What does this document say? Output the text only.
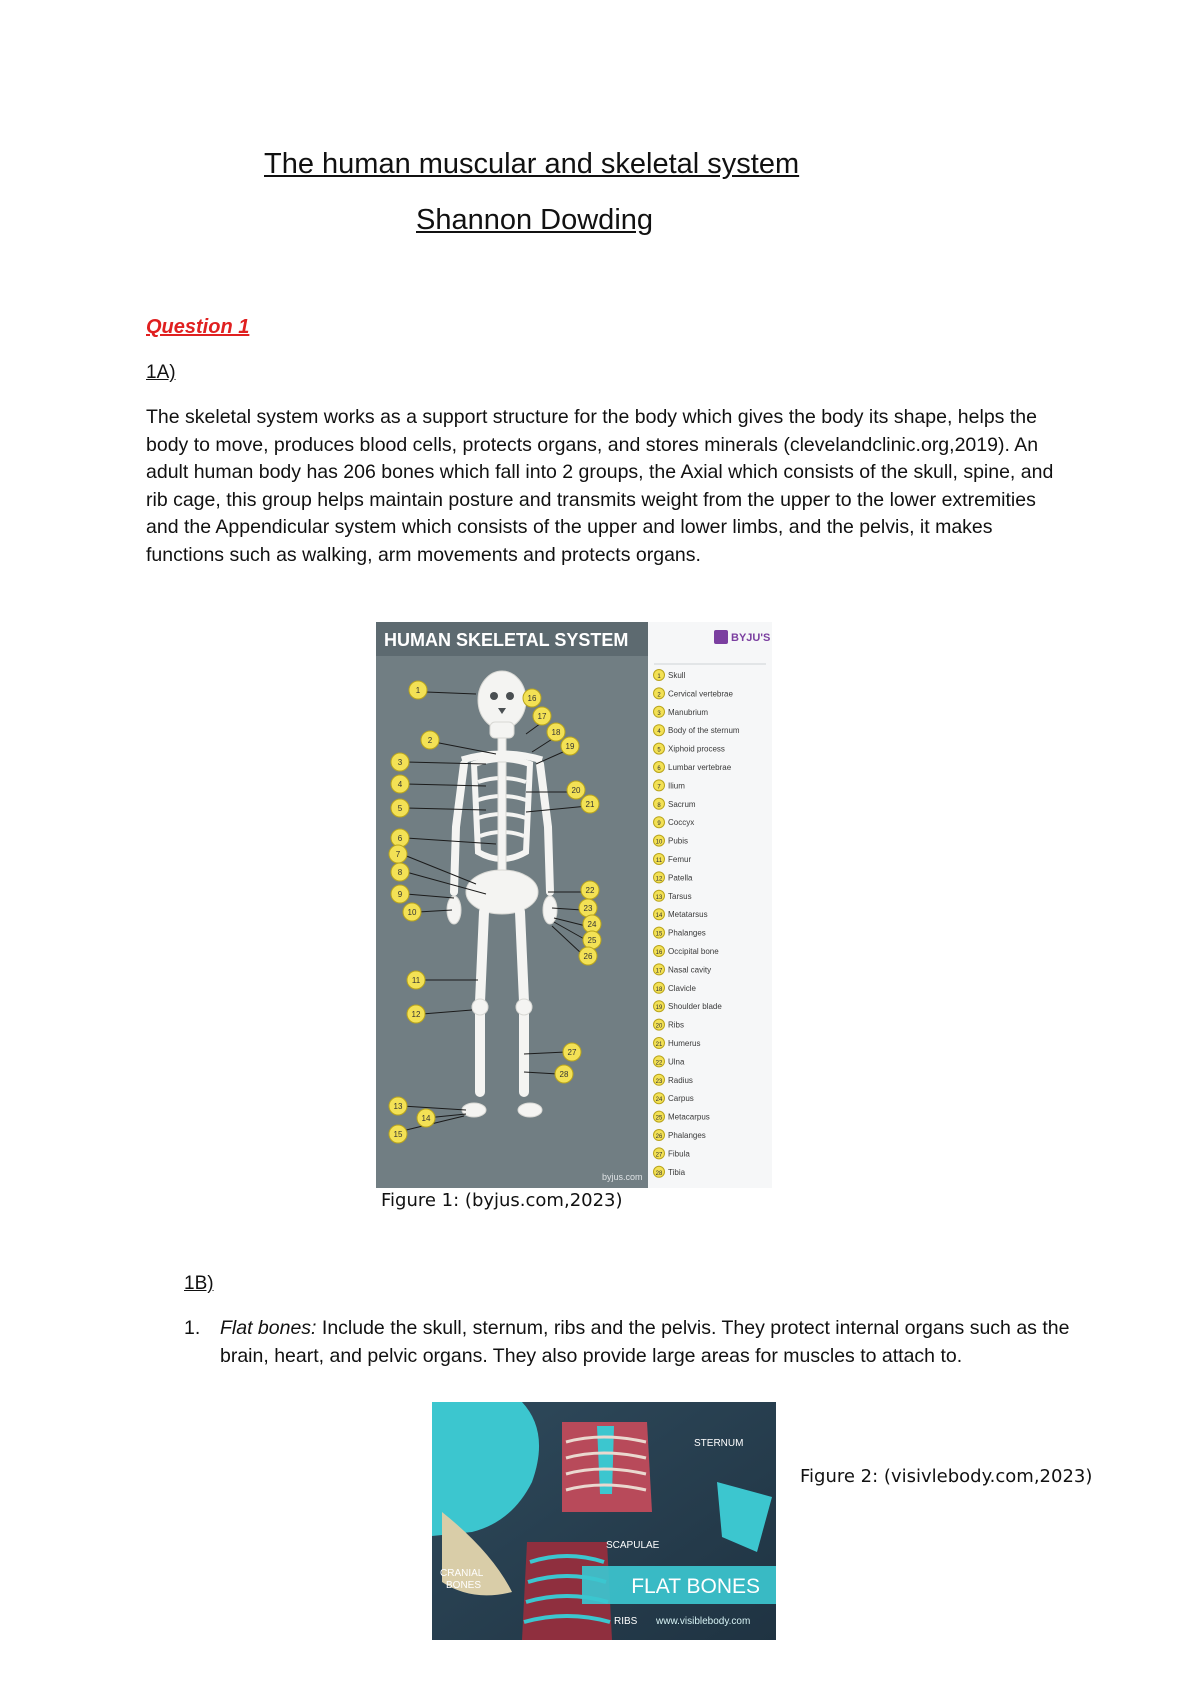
The human muscular and skeletal system
Shannon Dowding
Question 1
1A)
The skeletal system works as a support structure for the body which gives the body its shape, helps the body to move, produces blood cells, protects organs, and stores minerals (clevelandclinic.org,2019). An adult human body has 206 bones which fall into 2 groups, the Axial which consists of the skull, spine, and rib cage, this group helps maintain posture and transmits weight from the upper to the lower extremities and the Appendicular system which consists of the upper and lower limbs, and the pelvis, it makes functions such as walking, arm movements and protects organs.
HUMAN SKELETAL SYSTEM	BYJU'S
1
16
17
18
19
2
3
4
5
20
21
6
7
8
9
10
22
23
24
25
26
11
12
27
28
13
14
15
byjus.com
1 Skull
2 Cervical vertebrae
3 Manubrium
4 Body of the sternum
5 Xiphoid process
6 Lumbar vertebrae
7 Ilium
8 Sacrum
9 Coccyx
10 Pubis
11 Femur
12 Patella
13 Tarsus
14 Metatarsus
15 Phalanges
16 Occipital bone
17 Nasal cavity
18 Clavicle
19 Shoulder blade
20 Ribs
21 Humerus
22 Ulna
23 Radius
24 Carpus
25 Metacarpus
26 Phalanges
27 Fibula
28 Tibia
Figure 1: (byjus.com,2023)
1B)
1. Flat bones: Include the skull, sternum, ribs and the pelvis. They protect internal organs such as the brain, heart, and pelvic organs. They also provide large areas for muscles to attach to.
FLAT BONES
STERNUM
SCAPULAE
CRANIAL
BONES
RIBS www.visiblebody.com
Figure 2: (visivlebody.com,2023)
